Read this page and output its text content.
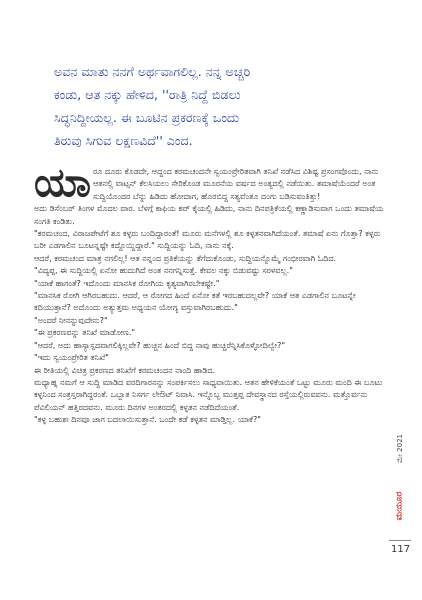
ಅವನ ಮಾತು ನನಗೆ ಅರ್ಥವಾಗಲಿಲ್ಲ. ನನ್ನ ಅಚ್ಚರಿ

ಕಂಡು, ಆತ ನಕ್ಕು ಹೇಳಿದ, ''ರಾತ್ರಿ ನಿದ್ದೆ ಬಿಡಲು

ಸಿದ್ಧನಿದ್ದೀಯಲ್ಲ. ಈ ಬೂಟಿನ ಪ್ರಕರಣಕ್ಕೆ ಒಂದು

ತಿರುವು ಸಿಗುವ ಲಕ್ಷಣವಿದೆ'' ಎಂದ.

ಯಾ ರೂ ದೂರು ಕೊಡದೇ, ಆದ್ದಂದ ಕರಮಚಂದನೇ ಸ್ವಯಂಪ್ರೇರಿತವಾಗಿ ತನಿಖೆ ನಡೆಸಿದ ವಿಶಿಷ್ಟ ಪ್ರಸಂಗವೊಂದು, ನಾನು ಆತನಲ್ಲಿ ವಾಟ್ಸನ್ ಕೆಲಸಿಯಲು ಸೇರಿಕೊಂಡ ಮೂರನೆಯ ವರ್ಷದ ಅಂತ್ಯದಲ್ಲಿ ನಡೆಯಿತು. ತಮಾಷೆಯೆಂದರೆ ಅಂತ ಸುದ್ದಿಯೊಂದರ ಬೆನ್ನು ಹಿಡಿದು ಹೋದಾಗ, ಹೊರಬಿದ್ದ ಸತ್ಯವೆಂತೂ ದಂಗು ಬಡಿಸುವಂತಿತ್ತು!

ಅದು ಡಿಸೆಂಬರ್ ತಿಂಗಳ ಮೊದಲ ವಾರ. ಬೆಳಗ್ಗೆ ಕಾಫಿಯ ಕಪ್ ಕೈಯಲ್ಲಿ ಹಿಡಿದು, ನಾನು ದಿನಪತ್ರಿಕೆಯಲ್ಲಿ ಕಣ್ಣಾಡಿಸುವಾಗ ಒಂದು ತಮಾಷೆಯ ಸಂಗತಿ ಕಂಡಿತು.

"ಕರಮಚಂದ, ವಿರಾಜಪೇಟೆಗೆ ಶೂ ಕಳ್ಳರು ಬಂದಿದ್ದಾರಂತೆ! ಮೂರು ಮನೆಗಳಲ್ಲಿ ಶೂ ಕಳ್ಳತನವಾಗಿದೆಯಂತೆ. ತಮಾಷೆ ಏನು ಗೊತ್ತಾ? ಕಳ್ಳರು ಬರೀ ಎಡಗಾಲಿನ ಬೂಟನ್ನಷ್ಟೇ ಕದ್ದೊಯ್ದಿದ್ದಾರೆ." ಸುದ್ದಿಯನ್ನು ಓದಿ, ನಾನು ನಕ್ಕೆ.

ಆದರೆ, ಕರಮಚಂದ ಮಾತ್ರ ನಗಲಿಲ್ಲ! ಆತ ನನ್ನಂದ ಪ್ರತಿಕೆಯನ್ನು ತೆಗೆದುಕೊಂಡು, ಸುದ್ದಿಯನ್ನೊಮ್ಮೆ ಗಂಭೀರವಾಗಿ ಓದಿದ.

"ವಿದ್ಯಪ್ಪ, ಈ ಸುದ್ದಿಯಲ್ಲಿ ಏನೋ ಹುದುಗಿದೆ ಅಂತ ನನಗನ್ನಿಸುತ್ತೆ. ಕೇವಲ ನಕ್ಕು ಬಿಡುವಷ್ಟು ಸರಳವಲ್ಲ."

"ಯಾಕೆ ಹಾಗಂತೆ? ಇದೊಂದು ಮಾನಸಿಕ ರೋಗಿಯ ಕೃತ್ಯವಾಗಿರಬೇಕಷ್ಟೇ."

"ಮಾನಸಿಕ ರೋಗಿ ಆಗಿರಬಹುದು. ಆದರೆ, ಆ ರೋಗದ ಹಿಂದೆ ಏನೋ ಕತೆ ಇರಬಹುದಲ್ಲವೇ? ಯಾಕೆ ಆತ ಎಡಗಾಲಿನ ಬೂಟನ್ನೇ ಕದಿಯುತ್ತಾನೆ? ಅದೊಂದು ಅತ್ಯುತ್ತಮ ಅಧ್ಯಯನ ಯೋಗ್ಯ ವಸ್ತುವಾಗಿರಬಹುದು."

"ಅಂದರೆ ನೀನನ್ನುವುದೇನು?"

"ಈ ಪ್ರಕರಣವನ್ನು ತನಿಖೆ ಮಾಡೋಣ."

"ಆದರೆ, ಅದು ಹಾಸ್ಯಾಸ್ಪದವಾಗಲಿಕ್ಕಿಲ್ಲವೇ? ಹುಚ್ಚನ ಹಿಂದೆ ಬಿದ್ದ ನಾವು ಹುಚ್ಚರೆನ್ನಿಸಿಕೊಳ್ಳೋದಿಲ್ವೇ?"

"ಇದು ಸ್ವಯಂಪ್ರೇರಿತ ತನಿಖೆ"

ಈ ರೀತಿಯಲ್ಲಿ ವಿಚಿತ್ರ ಪ್ರಕರಣದ ತನಿಖೆಗೆ ಕರಮಚಂದನ ನಾಂದಿ ಹಾಡಿದ.

ಮಧ್ಯಾಹ್ನ ನಮಗೆ ಆ ಸುದ್ದಿ ಮಾಡಿದ ವರದಿಗಾರನನ್ನು ಸಂಪರ್ಕಿಸಲು ಸಾಧ್ಯವಾಯಿತು. ಆತನ ಹೇಳಿಕೆಯಂತೆ ಒಟ್ಟು ಮೂರು ಮಂದಿ ಈ ಬೂಟು ಕಳ್ಳನಿಂದ ಸಂತ್ರಸ್ತರಾಗಿದ್ದರಂತೆ. ಒಬ್ಬಾತ ನಿಸರ್ಗ ಲೇಔಟ್ ನಿವಾಸಿ. ಇನ್ನೊಬ್ಬ ಮುತ್ತಪ್ಪ ದೇವಸ್ಥಾನದ ರಸ್ತೆಯಲ್ಲಿರುವವನು. ಮತ್ತೊರ್ವನು ಪೆವಿಲಿಯನ್ ಹತ್ತಿರದವನು. ಮೂರು ದಿನಗಳ ಅಂತರದಲ್ಲಿ ಕಳ್ಳತನ ನಡೆದಿದೆಯಂತೆ.

"ಕಳ್ಳ ಬಹುಶಃ ದಿನವೂ ಜಾಗ ಬದಲಾಯಿಸುತ್ತಾನೆ. ಒಂದೇ ಕಡೆ ಕಳ್ಳತನ ಮಾಡ್ತಿಲ್ಲ. ಯಾಕೆ?"

ಮೇ 2021
ಮಯೂರ
117
